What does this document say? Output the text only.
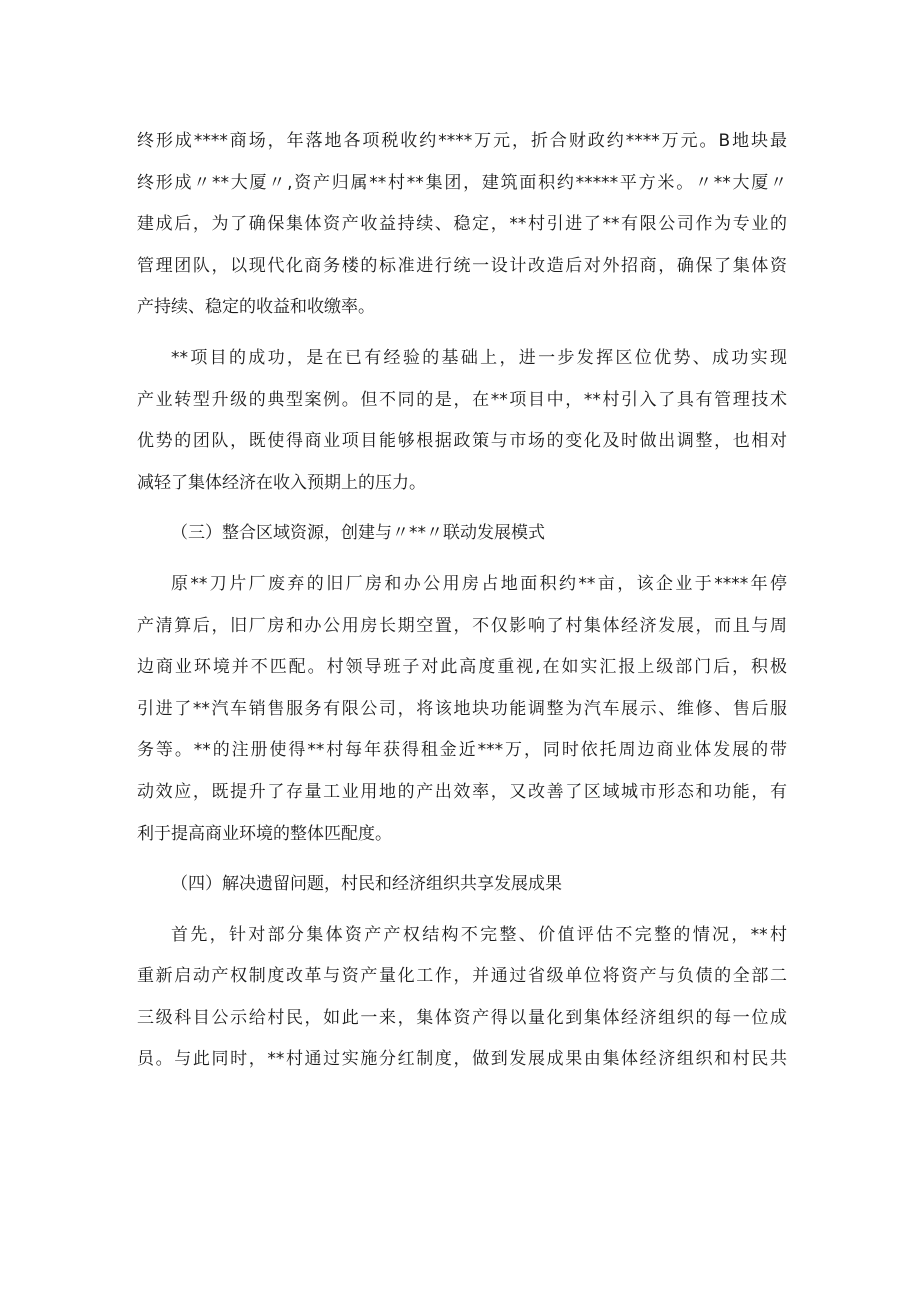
终形成****商场，年落地各项税收约****万元，折合财政约****万元。B地块最
终形成〃**大厦〃,资产归属**村**集团，建筑面积约*****平方米。〃**大厦〃
建成后，为了确保集体资产收益持续、稳定，**村引进了**有限公司作为专业的
管理团队，以现代化商务楼的标准进行统一设计改造后对外招商，确保了集体资
产持续、稳定的收益和收缴率。
**项目的成功，是在已有经验的基础上，进一步发挥区位优势、成功实现
产业转型升级的典型案例。但不同的是，在**项目中，**村引入了具有管理技术
优势的团队，既使得商业项目能够根据政策与市场的变化及时做出调整，也相对
减轻了集体经济在收入预期上的压力。
（三）整合区域资源，创建与〃**〃联动发展模式
原**刀片厂废弃的旧厂房和办公用房占地面积约**亩，该企业于****年停
产清算后，旧厂房和办公用房长期空置，不仅影响了村集体经济发展，而且与周
边商业环境并不匹配。村领导班子对此高度重视,在如实汇报上级部门后，积极
引进了**汽车销售服务有限公司，将该地块功能调整为汽车展示、维修、售后服
务等。**的注册使得**村每年获得租金近***万，同时依托周边商业体发展的带
动效应，既提升了存量工业用地的产出效率，又改善了区域城市形态和功能，有
利于提高商业环境的整体匹配度。
（四）解决遗留问题，村民和经济组织共享发展成果
首先，针对部分集体资产产权结构不完整、价值评估不完整的情况，**村
重新启动产权制度改革与资产量化工作，并通过省级单位将资产与负债的全部二
三级科目公示给村民，如此一来，集体资产得以量化到集体经济组织的每一位成
员。与此同时，**村通过实施分红制度，做到发展成果由集体经济组织和村民共
